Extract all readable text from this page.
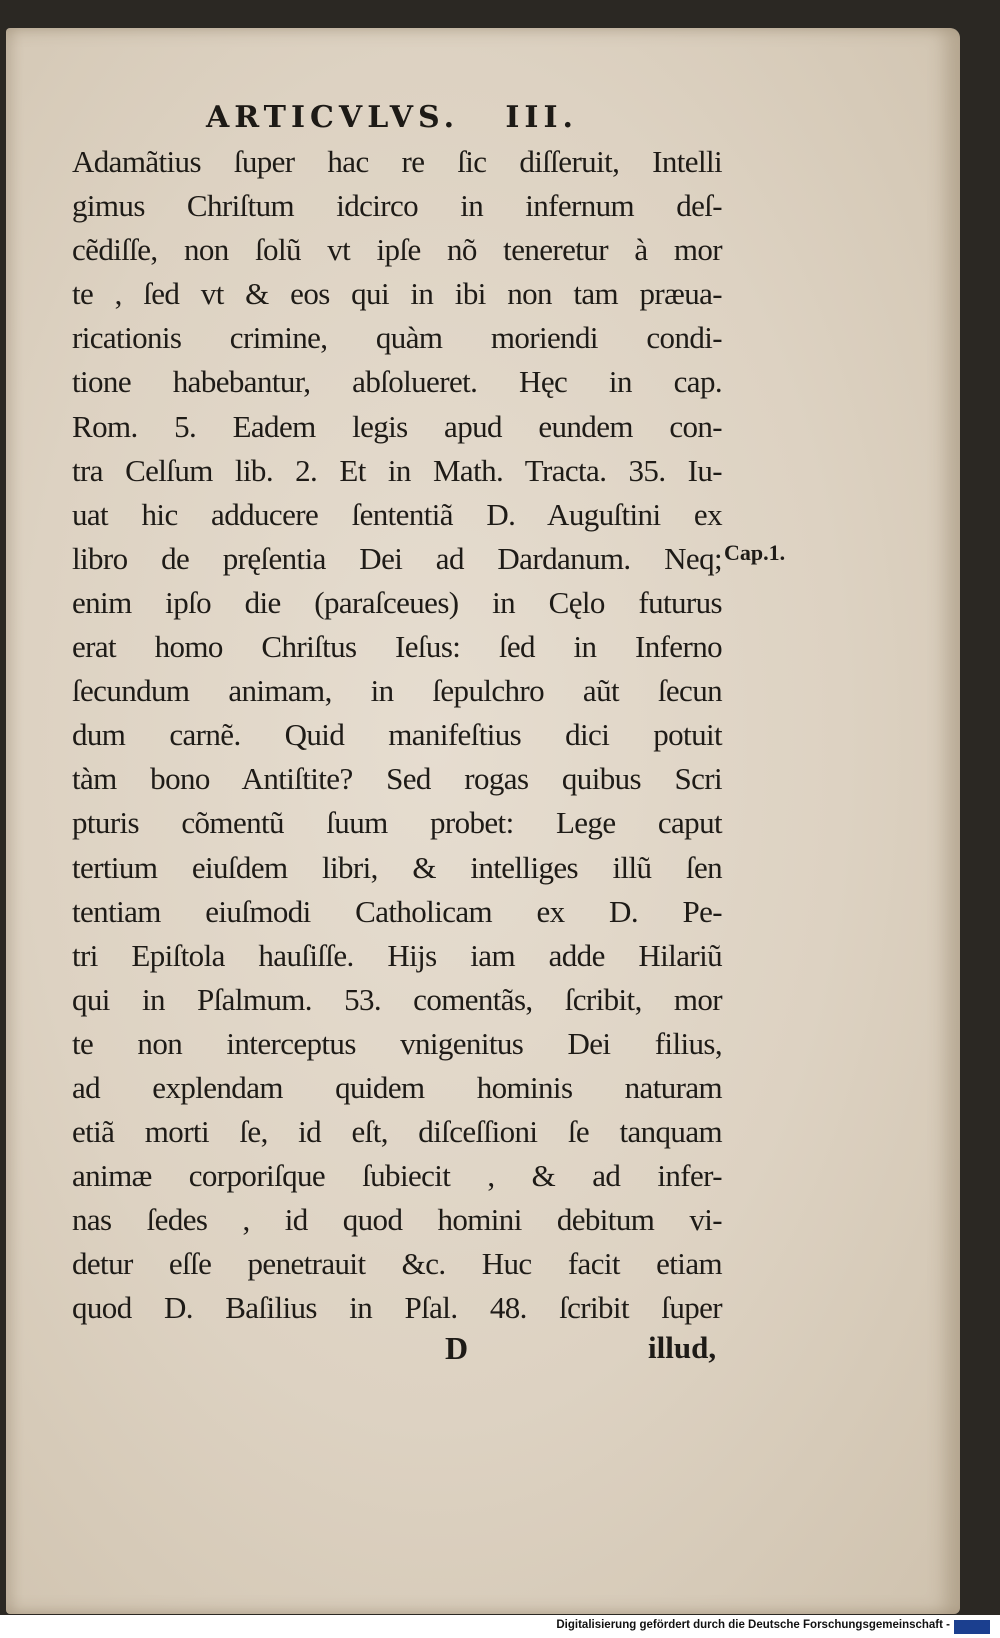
ARTICVLVS.   III.
Adamãtius ſuper hac re ſic diſſeruit, Intelli
gimus Chriſtum idcirco in infernum deſ-
cẽdiſſe, non ſolũ vt ipſe nõ teneretur à mor
te , ſed vt & eos qui in ibi non tam præua-
ricationis crimine, quàm moriendi condi-
tione habebantur, abſolueret. Hęc in cap.
Rom. 5. Eadem legis apud eundem con-
tra Celſum lib. 2. Et in Math. Tracta. 35. Iu-
uat hic adducere ſententiã D. Auguſtini ex
libro de pręſentia Dei ad Dardanum. Neq;
enim ipſo die (paraſceues) in Cęlo futurus
erat homo Chriſtus Ieſus: ſed in Inferno
ſecundum animam, in ſepulchro aũt ſecun
dum carnẽ. Quid manifeſtius dici potuit
tàm bono Antiſtite? Sed rogas quibus Scri
pturis cõmentũ ſuum probet: Lege caput
tertium eiuſdem libri, & intelliges illũ ſen
tentiam eiuſmodi Catholicam ex D. Pe-
tri Epiſtola hauſiſſe. Hijs iam adde Hilariũ
qui in Pſalmum. 53. comentãs, ſcribit, mor
te non interceptus vnigenitus Dei filius,
ad explendam quidem hominis naturam
etiã morti ſe, id eſt, diſceſſioni ſe tanquam
animæ corporiſque ſubiecit , & ad infer-
nas ſedes , id quod homini debitum vi-
detur eſſe penetrauit &c. Huc facit etiam
quod D. Baſilius in Pſal. 48. ſcribit ſuper
Cap.1.
D	illud,
Digitalisierung gefördert durch die Deutsche Forschungsgemeinschaft -
